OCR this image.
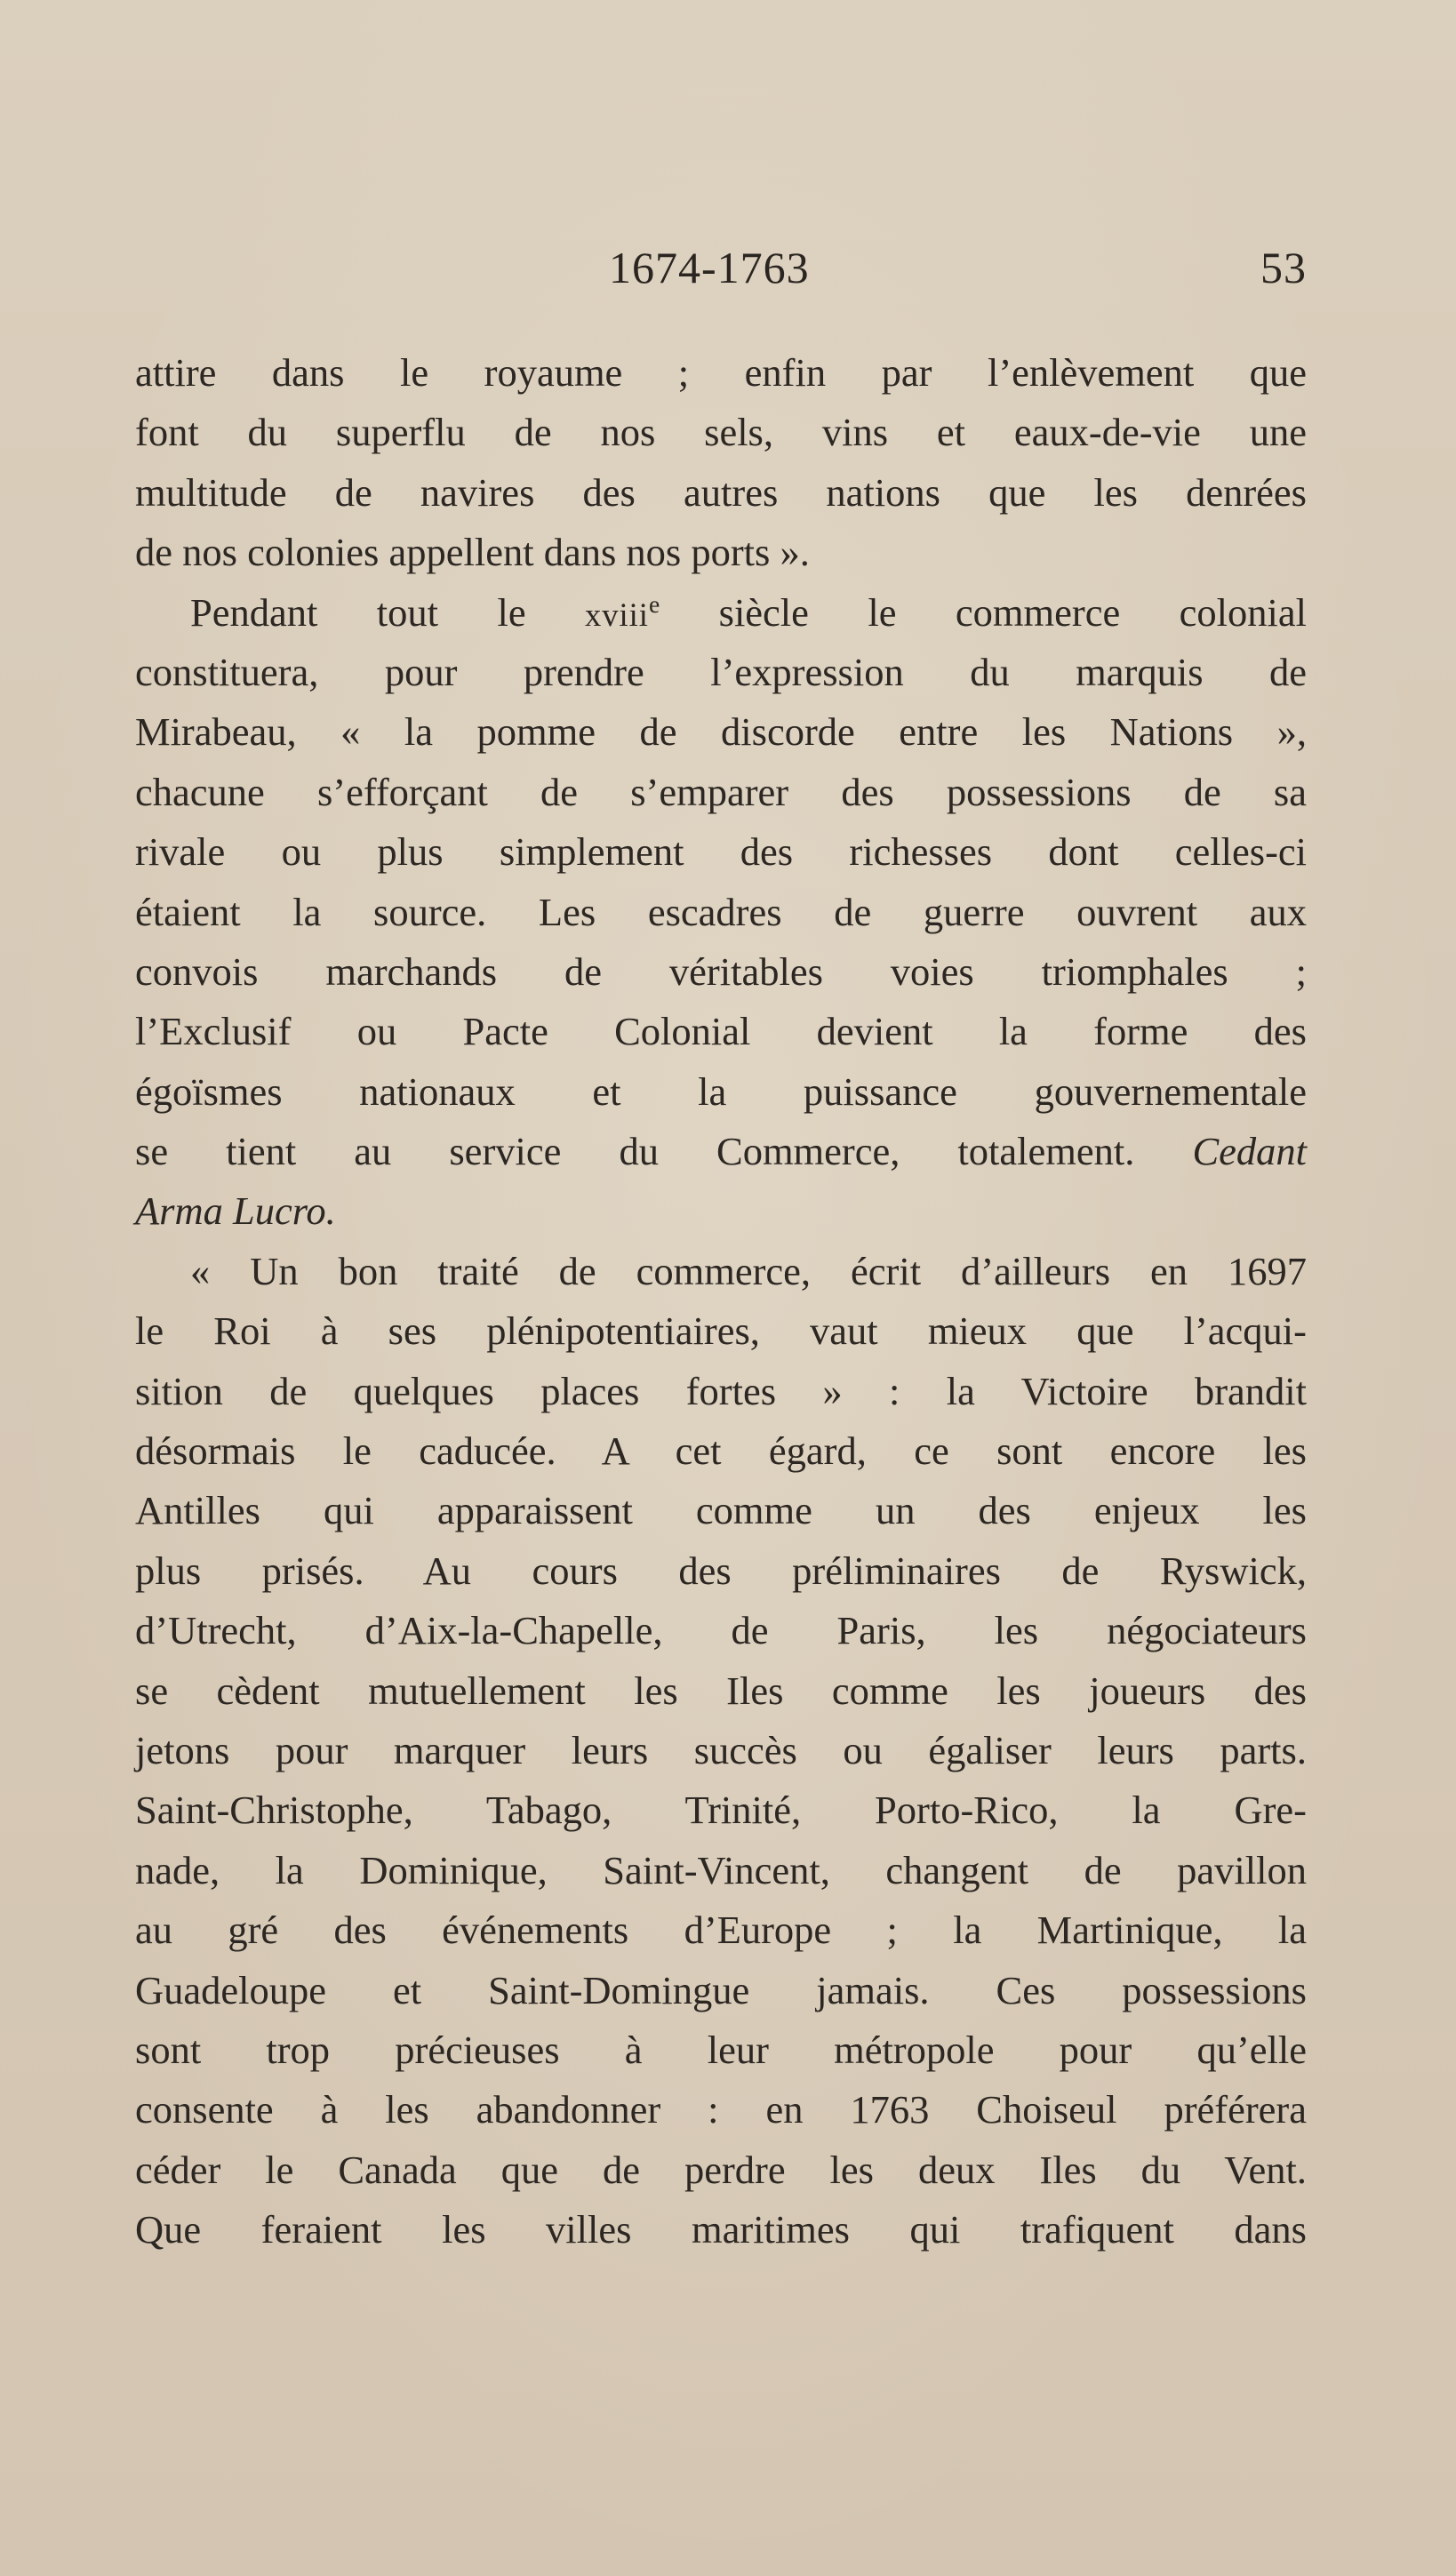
1674-1763	53
attire dans le royaume ; enfin par l’enlèvement que
font du superflu de nos sels, vins et eaux-de-vie une
multitude de navires des autres nations que les denrées
de nos colonies appellent dans nos ports ».
Pendant tout le xviii$^e$ siècle le commerce colonial
constituera, pour prendre l’expression du marquis de
Mirabeau, « la pomme de discorde entre les Nations »,
chacune s’efforçant de s’emparer des possessions de sa
rivale ou plus simplement des richesses dont celles-ci
étaient la source. Les escadres de guerre ouvrent aux
convois marchands de véritables voies triomphales ;
l’Exclusif ou Pacte Colonial devient la forme des
égoïsmes nationaux et la puissance gouvernementale
se tient au service du Commerce, totalement. Cedant
Arma Lucro.
« Un bon traité de commerce, écrit d’ailleurs en 1697
le Roi à ses plénipotentiaires, vaut mieux que l’acqui-
sition de quelques places fortes » : la Victoire brandit
désormais le caducée. A cet égard, ce sont encore les
Antilles qui apparaissent comme un des enjeux les
plus prisés. Au cours des préliminaires de Ryswick,
d’Utrecht, d’Aix-la-Chapelle, de Paris, les négociateurs
se cèdent mutuellement les Iles comme les joueurs des
jetons pour marquer leurs succès ou égaliser leurs parts.
Saint-Christophe, Tabago, Trinité, Porto-Rico, la Gre-
nade, la Dominique, Saint-Vincent, changent de pavillon
au gré des événements d’Europe ; la Martinique, la
Guadeloupe et Saint-Domingue jamais. Ces possessions
sont trop précieuses à leur métropole pour qu’elle
consente à les abandonner : en 1763 Choiseul préférera
céder le Canada que de perdre les deux Iles du Vent.
Que feraient les villes maritimes qui trafiquent dans
